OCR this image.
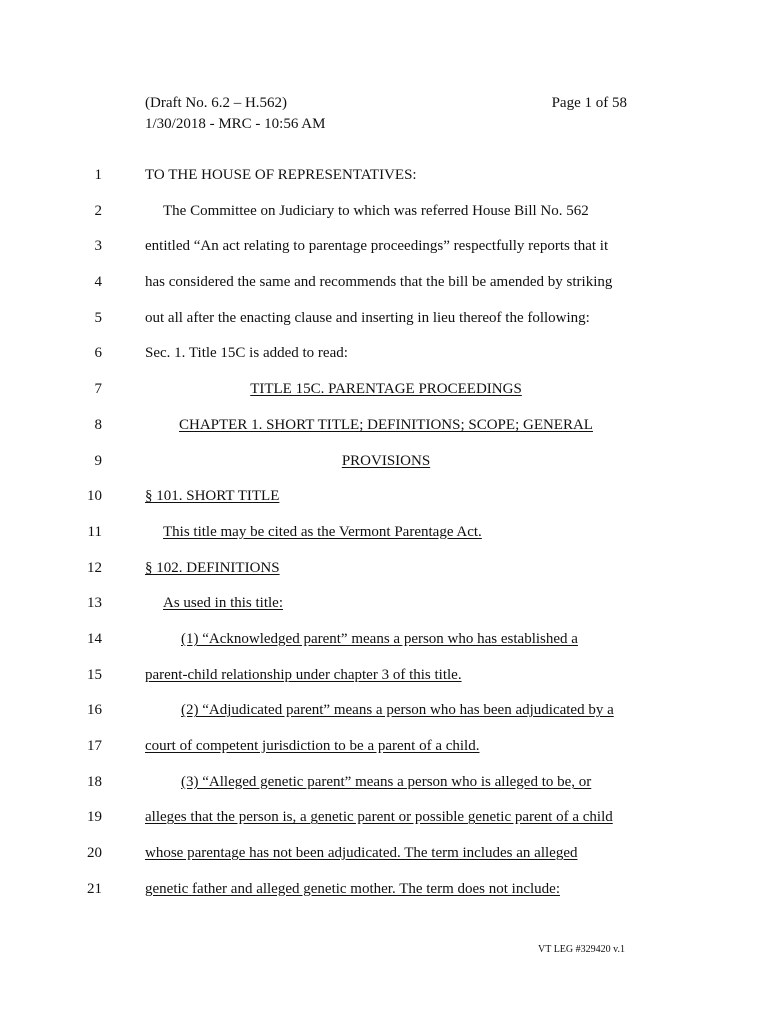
(Draft No. 6.2 – H.562)	Page 1 of 58
1/30/2018 - MRC - 10:56 AM
1	TO THE HOUSE OF REPRESENTATIVES:
2	The Committee on Judiciary to which was referred House Bill No. 562
3	entitled “An act relating to parentage proceedings” respectfully reports that it
4	has considered the same and recommends that the bill be amended by striking
5	out all after the enacting clause and inserting in lieu thereof the following:
6	Sec. 1. Title 15C is added to read:
7	TITLE 15C. PARENTAGE PROCEEDINGS
8	CHAPTER 1. SHORT TITLE; DEFINITIONS; SCOPE; GENERAL
9	PROVISIONS
10	§ 101. SHORT TITLE
11	This title may be cited as the Vermont Parentage Act.
12	§ 102. DEFINITIONS
13	As used in this title:
14	(1) “Acknowledged parent” means a person who has established a
15	parent-child relationship under chapter 3 of this title.
16	(2) “Adjudicated parent” means a person who has been adjudicated by a
17	court of competent jurisdiction to be a parent of a child.
18	(3) “Alleged genetic parent” means a person who is alleged to be, or
19	alleges that the person is, a genetic parent or possible genetic parent of a child
20	whose parentage has not been adjudicated. The term includes an alleged
21	genetic father and alleged genetic mother. The term does not include:
VT LEG #329420 v.1
